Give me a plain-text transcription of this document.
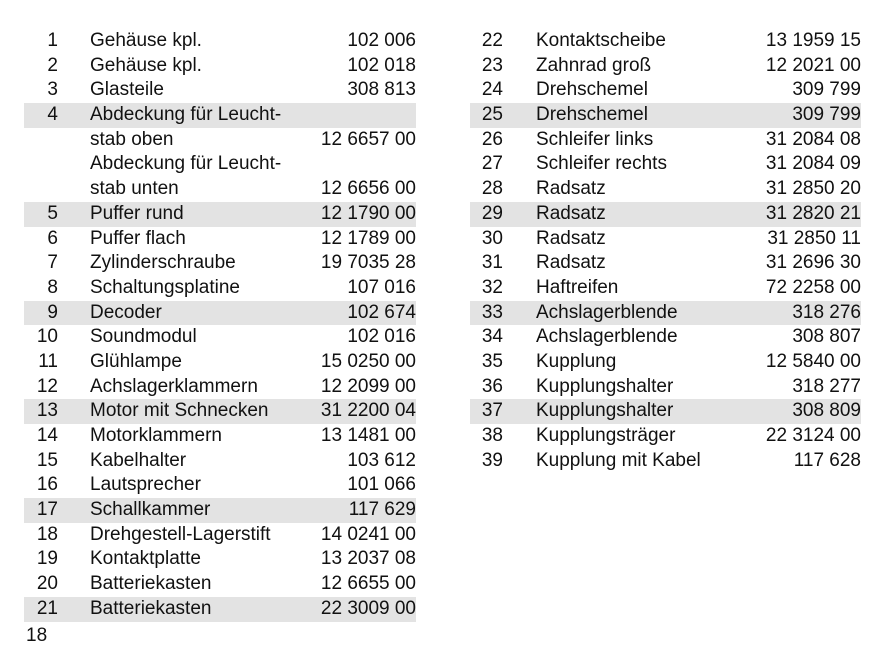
1 Gehäuse kpl.	102 006
2 Gehäuse kpl.	102 018
3 Glasteile	308 813
4 Abdeckung für Leucht-
stab oben	12 6657 00
Abdeckung für Leucht-
stab unten	12 6656 00
5 Puffer rund	12 1790 00
6 Puffer flach	12 1789 00
7 Zylinderschraube	19 7035 28
8 Schaltungsplatine	107 016
9 Decoder	102 674
10 Soundmodul	102 016
11 Glühlampe	15 0250 00
12 Achslagerklammern	12 2099 00
13 Motor mit Schnecken	31 2200 04
14 Motorklammern	13 1481 00
15 Kabelhalter	103 612
16 Lautsprecher	101 066
17 Schallkammer	117 629
18 Drehgestell-Lagerstift	14 0241 00
19 Kontaktplatte	13 2037 08
20 Batteriekasten	12 6655 00
21 Batteriekasten	22 3009 00
22 Kontaktscheibe	13 1959 15
23 Zahnrad groß	12 2021 00
24 Drehschemel	309 799
25 Drehschemel	309 799
26 Schleifer links	31 2084 08
27 Schleifer rechts	31 2084 09
28 Radsatz	31 2850 20
29 Radsatz	31 2820 21
30 Radsatz	31 2850 11
31 Radsatz	31 2696 30
32 Haftreifen	72 2258 00
33 Achslagerblende	318 276
34 Achslagerblende	308 807
35 Kupplung	12 5840 00
36 Kupplungshalter	318 277
37 Kupplungshalter	308 809
38 Kupplungsträger	22 3124 00
39 Kupplung mit Kabel	117 628
18
